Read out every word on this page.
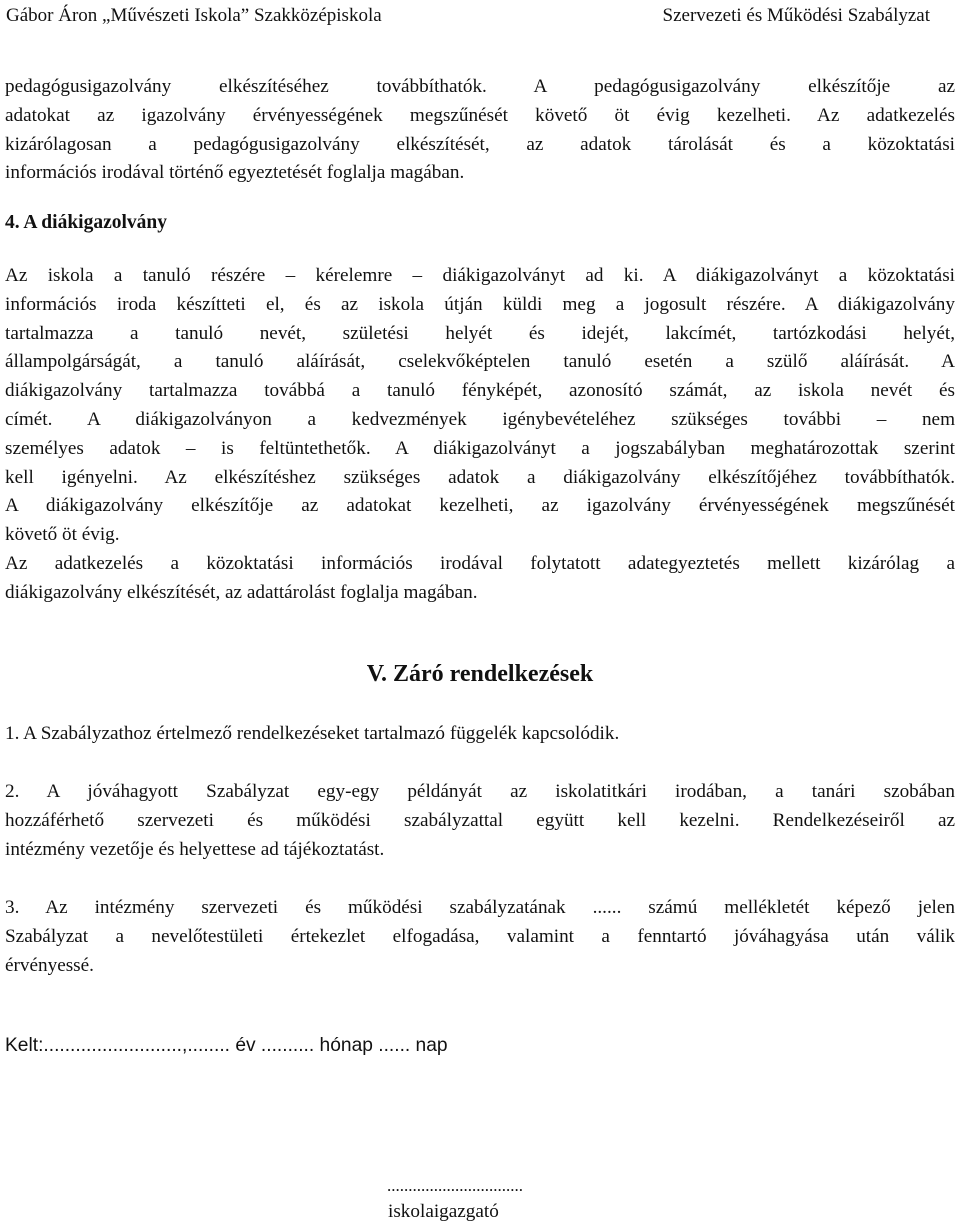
Gábor Áron „Művészeti Iskola” Szakközépiskola	Szervezeti és Működési Szabályzat

pedagógusigazolvány elkészítéséhez továbbíthatók. A pedagógusigazolvány elkészítője az
adatokat az igazolvány érvényességének megszűnését követő öt évig kezelheti. Az adatkezelés
kizárólagosan a pedagógusigazolvány elkészítését, az adatok tárolását és a közoktatási
információs irodával történő egyeztetését foglalja magában.

4. A diákigazolvány

Az iskola a tanuló részére – kérelemre – diákigazolványt ad ki. A diákigazolványt a közoktatási
információs iroda készítteti el, és az iskola útján küldi meg a jogosult részére. A diákigazolvány
tartalmazza a tanuló nevét, születési helyét és idejét, lakcímét, tartózkodási helyét,
állampolgárságát, a tanuló aláírását, cselekvőképtelen tanuló esetén a szülő aláírását. A
diákigazolvány tartalmazza továbbá a tanuló fényképét, azonosító számát, az iskola nevét és
címét. A diákigazolványon a kedvezmények igénybevételéhez szükséges további – nem
személyes adatok – is feltüntethetők. A diákigazolványt a jogszabályban meghatározottak szerint
kell igényelni. Az elkészítéshez szükséges adatok a diákigazolvány elkészítőjéhez továbbíthatók.
A diákigazolvány elkészítője az adatokat kezelheti, az igazolvány érvényességének megszűnését
követő öt évig.
Az adatkezelés a közoktatási információs irodával folytatott adategyeztetés mellett kizárólag a
diákigazolvány elkészítését, az adattárolást foglalja magában.

V. Záró rendelkezések

1. A Szabályzathoz értelmező rendelkezéseket tartalmazó függelék kapcsolódik.

2. A jóváhagyott Szabályzat egy-egy példányát az iskolatitkári irodában, a tanári szobában
hozzáférhető szervezeti és működési szabályzattal együtt kell kezelni. Rendelkezéseiről az
intézmény vezetője és helyettese ad tájékoztatást.

3. Az intézmény szervezeti és működési szabályzatának ...... számú mellékletét képező jelen
Szabályzat a nevelőtestületi értekezlet elfogadása, valamint a fenntartó jóváhagyása után válik
érvényessé.

Kelt:..........................,........ év .......... hónap ...... nap
................................
iskolaigazgató
